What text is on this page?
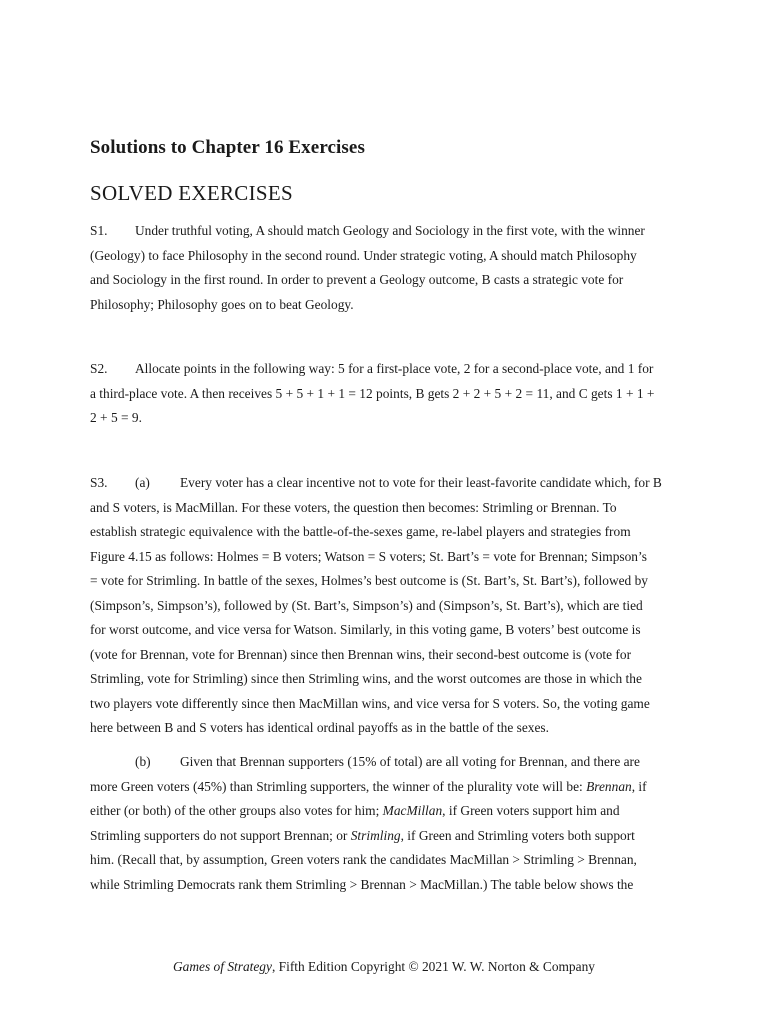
Solutions to Chapter 16 Exercises
SOLVED EXERCISES
S1. Under truthful voting, A should match Geology and Sociology in the first vote, with the winner
(Geology) to face Philosophy in the second round. Under strategic voting, A should match Philosophy
and Sociology in the first round. In order to prevent a Geology outcome, B casts a strategic vote for
Philosophy; Philosophy goes on to beat Geology.
S2. Allocate points in the following way: 5 for a first-place vote, 2 for a second-place vote, and 1 for
a third-place vote. A then receives 5 + 5 + 1 + 1 = 12 points, B gets 2 + 2 + 5 + 2 = 11, and C gets 1 + 1 +
2 + 5 = 9.
S3. (a) Every voter has a clear incentive not to vote for their least-favorite candidate which, for B
and S voters, is MacMillan. For these voters, the question then becomes: Strimling or Brennan. To
establish strategic equivalence with the battle-of-the-sexes game, re-label players and strategies from
Figure 4.15 as follows: Holmes = B voters; Watson = S voters; St. Bart’s = vote for Brennan; Simpson’s
= vote for Strimling. In battle of the sexes, Holmes’s best outcome is (St. Bart’s, St. Bart’s), followed by
(Simpson’s, Simpson’s), followed by (St. Bart’s, Simpson’s) and (Simpson’s, St. Bart’s), which are tied
for worst outcome, and vice versa for Watson. Similarly, in this voting game, B voters’ best outcome is
(vote for Brennan, vote for Brennan) since then Brennan wins, their second-best outcome is (vote for
Strimling, vote for Strimling) since then Strimling wins, and the worst outcomes are those in which the
two players vote differently since then MacMillan wins, and vice versa for S voters. So, the voting game
here between B and S voters has identical ordinal payoffs as in the battle of the sexes.
(b) Given that Brennan supporters (15% of total) are all voting for Brennan, and there are
more Green voters (45%) than Strimling supporters, the winner of the plurality vote will be: Brennan, if
either (or both) of the other groups also votes for him; MacMillan, if Green voters support him and
Strimling supporters do not support Brennan; or Strimling, if Green and Strimling voters both support
him. (Recall that, by assumption, Green voters rank the candidates MacMillan > Strimling > Brennan,
while Strimling Democrats rank them Strimling > Brennan > MacMillan.) The table below shows the
Games of Strategy, Fifth Edition Copyright © 2021 W. W. Norton & Company
